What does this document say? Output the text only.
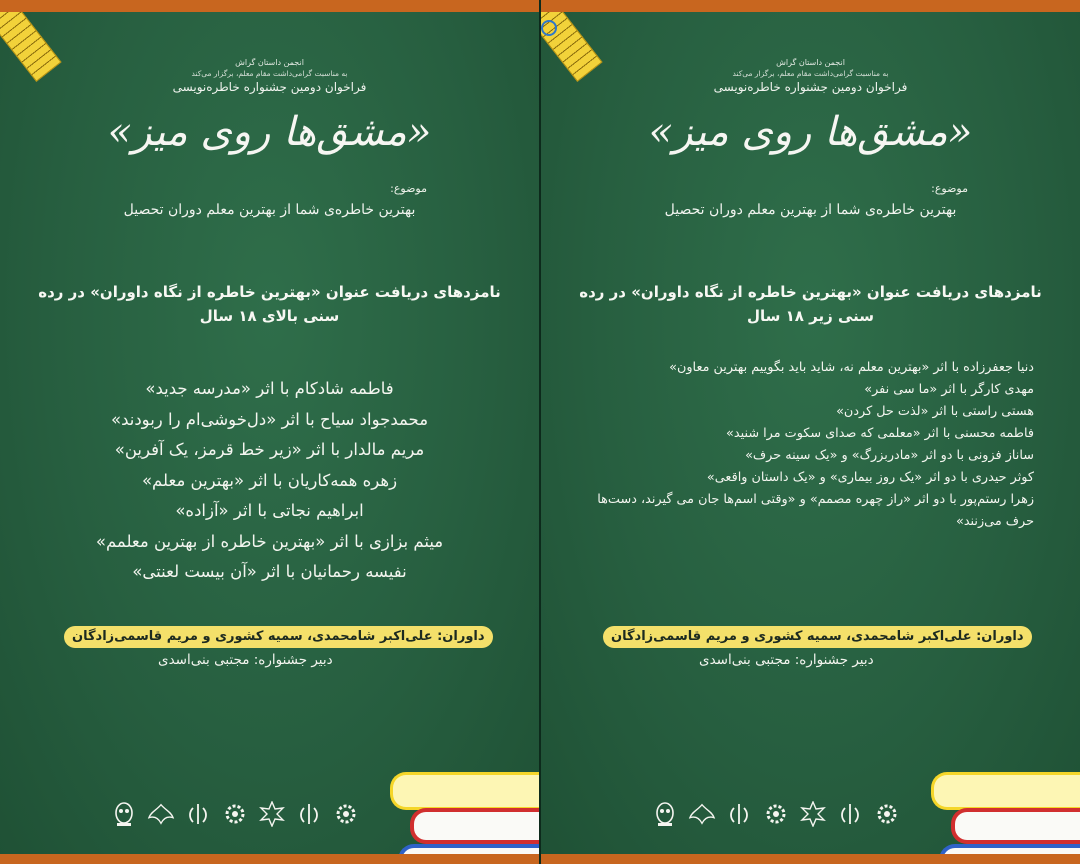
انجمن داستان گراش
به مناسبت گرامی‌داشت مقام معلم، برگزار می‌کند
فراخوان دومین جشنواره خاطره‌نویسی
«مشق‌ها روی میز»
موضوع:
بهترین خاطره‌ی شما از بهترین معلم دوران تحصیل
نامزدهای دریافت عنوان «بهترین خاطره از نگاه داوران» در رده سنی بالای ۱۸ سال
فاطمه شادکام با اثر «مدرسه جدید»
محمدجواد سیاح با اثر «دل‌خوشی‌ام را ربودند»
مریم مالدار با اثر «زیر خط قرمز، یک آفرین»
زهره همه‌کاریان با اثر «بهترین معلم»
ابراهیم نجاتی با اثر «آزاده»
میثم بزازی با اثر «بهترین خاطره از بهترین معلمم»
نفیسه رحمانیان با اثر «آن بیست لعنتی»
داوران: علی‌اکبر شامحمدی، سمیه کشوری و مریم قاسمی‌زادگان
دبیر جشنواره: مجتبی بنی‌اسدی
انجمن داستان گراش
به مناسبت گرامی‌داشت مقام معلم، برگزار می‌کند
فراخوان دومین جشنواره خاطره‌نویسی
«مشق‌ها روی میز»
موضوع:
بهترین خاطره‌ی شما از بهترین معلم دوران تحصیل
نامزدهای دریافت عنوان «بهترین خاطره از نگاه داوران» در رده سنی زیر ۱۸ سال
دنیا جعفرزاده با اثر «بهترین معلم نه، شاید باید بگوییم بهترین معاون»
مهدی کارگر با اثر «ما سی نفر»
هستی راستی با اثر «لذت حل کردن»
فاطمه محسنی با اثر «معلمی که صدای سکوت مرا شنید»
ساناز فزونی با دو اثر «مادربزرگ» و «یک سینه حرف»
کوثر حیدری با دو اثر «یک روز بیماری» و «یک داستان واقعی»
زهرا رستم‌پور با دو اثر «راز چهره مصمم» و «وقتی اسم‌ها جان می گیرند، دست‌ها حرف می‌زنند»
داوران: علی‌اکبر شامحمدی، سمیه کشوری و مریم قاسمی‌زادگان
دبیر جشنواره: مجتبی بنی‌اسدی
